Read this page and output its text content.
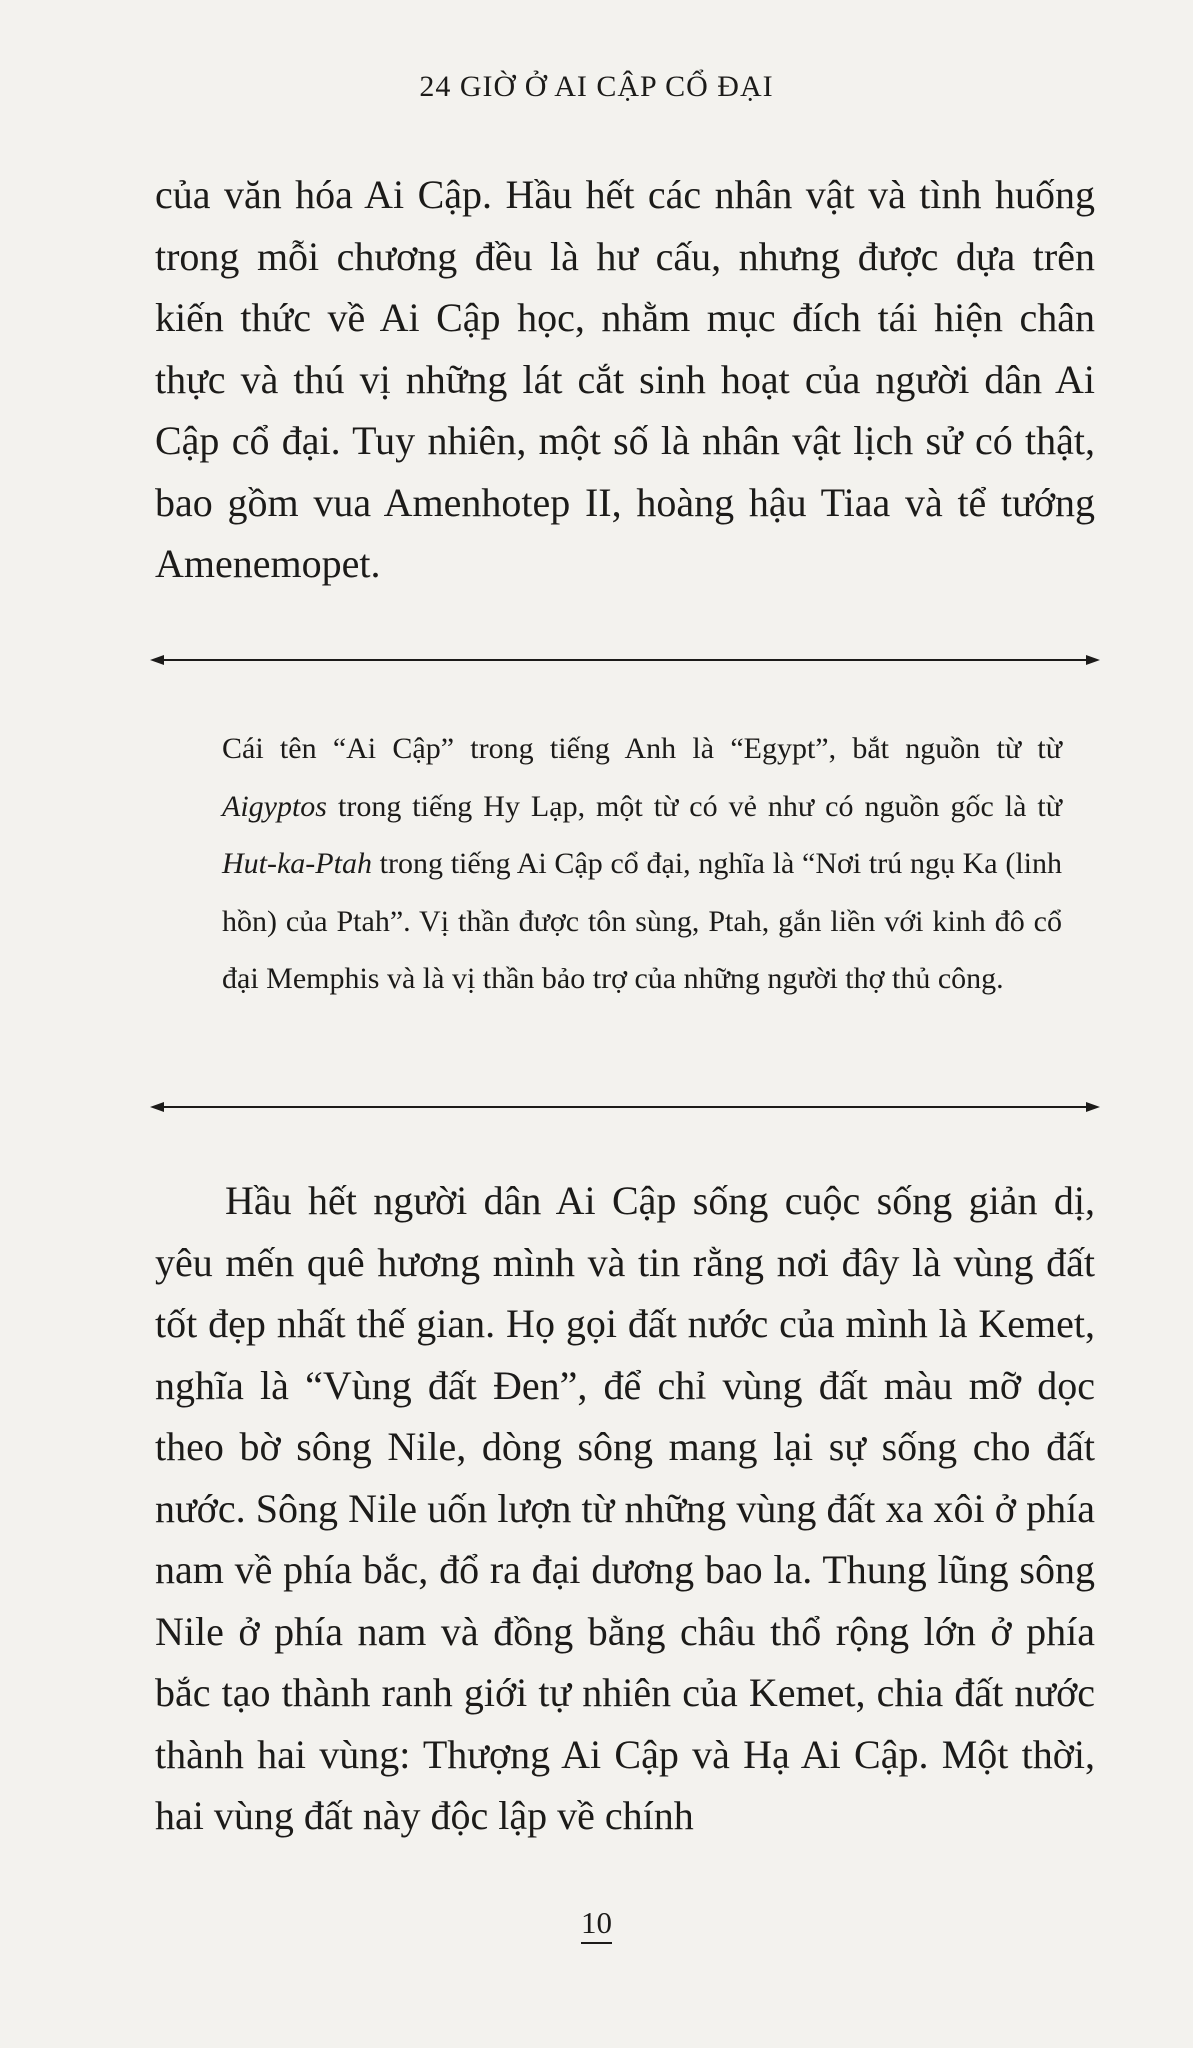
24 GIỜ Ở AI CẬP CỔ ĐẠI

của văn hóa Ai Cập. Hầu hết các nhân vật và tình huống trong mỗi chương đều là hư cấu, nhưng được dựa trên kiến thức về Ai Cập học, nhằm mục đích tái hiện chân thực và thú vị những lát cắt sinh hoạt của người dân Ai Cập cổ đại. Tuy nhiên, một số là nhân vật lịch sử có thật, bao gồm vua Amenhotep II, hoàng hậu Tiaa và tể tướng Amenemopet.

Cái tên “Ai Cập” trong tiếng Anh là “Egypt”, bắt nguồn từ từ Aigyptos trong tiếng Hy Lạp, một từ có vẻ như có nguồn gốc là từ Hut-ka-Ptah trong tiếng Ai Cập cổ đại, nghĩa là “Nơi trú ngụ Ka (linh hồn) của Ptah”. Vị thần được tôn sùng, Ptah, gắn liền với kinh đô cổ đại Memphis và là vị thần bảo trợ của những người thợ thủ công.

Hầu hết người dân Ai Cập sống cuộc sống giản dị, yêu mến quê hương mình và tin rằng nơi đây là vùng đất tốt đẹp nhất thế gian. Họ gọi đất nước của mình là Kemet, nghĩa là “Vùng đất Đen”, để chỉ vùng đất màu mỡ dọc theo bờ sông Nile, dòng sông mang lại sự sống cho đất nước. Sông Nile uốn lượn từ những vùng đất xa xôi ở phía nam về phía bắc, đổ ra đại dương bao la. Thung lũng sông Nile ở phía nam và đồng bằng châu thổ rộng lớn ở phía bắc tạo thành ranh giới tự nhiên của Kemet, chia đất nước thành hai vùng: Thượng Ai Cập và Hạ Ai Cập. Một thời, hai vùng đất này độc lập về chính

10
